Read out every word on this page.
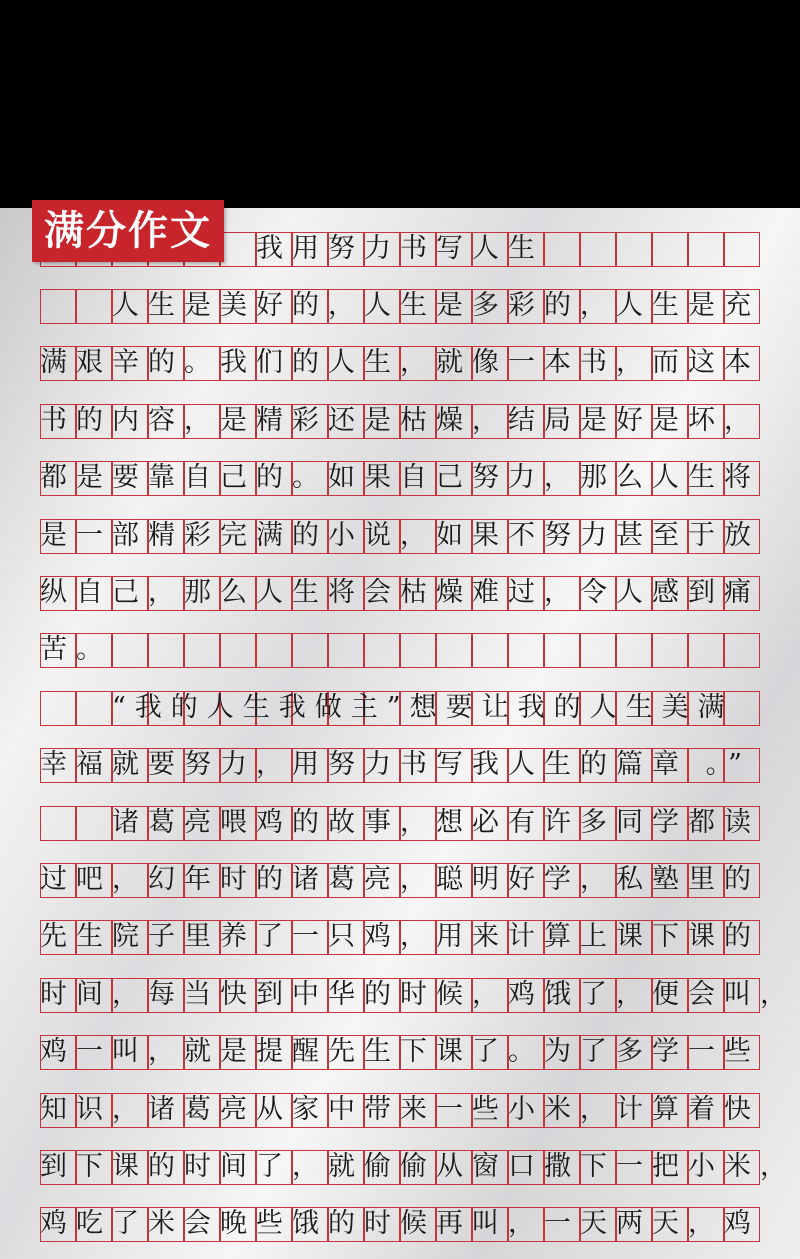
满分作文	我用努力书写人生
人生是美好的，人生是多彩的，人生是充
满艰辛的。我们的人生，就像一本书，而这本
书的内容，是精彩还是枯燥，结局是好是坏，
都是要靠自己的。如果自己努力，那么人生将
是一部精彩完满的小说，如果不努力甚至于放
纵自己，那么人生将会枯燥难过，令人感到痛
苦。
“我的人生我做主”想要让我的人生美满
幸福就要努力，用努力书写我人生的篇章 。”
诸葛亮喂鸡的故事，想必有许多同学都读
过吧，幻年时的诸葛亮，聪明好学，私塾里的
先生院子里养了一只鸡，用来计算上课下课的
时间，每当快到中华的时候，鸡饿了，便会叫，
鸡一叫，就是提醒先生下课了。为了多学一些
知识，诸葛亮从家中带来一些小米，计算着快
到下课的时间了，就偷偷从窗口撒下一把小米，
鸡吃了米会晚些饿的时候再叫，一天两天，鸡
